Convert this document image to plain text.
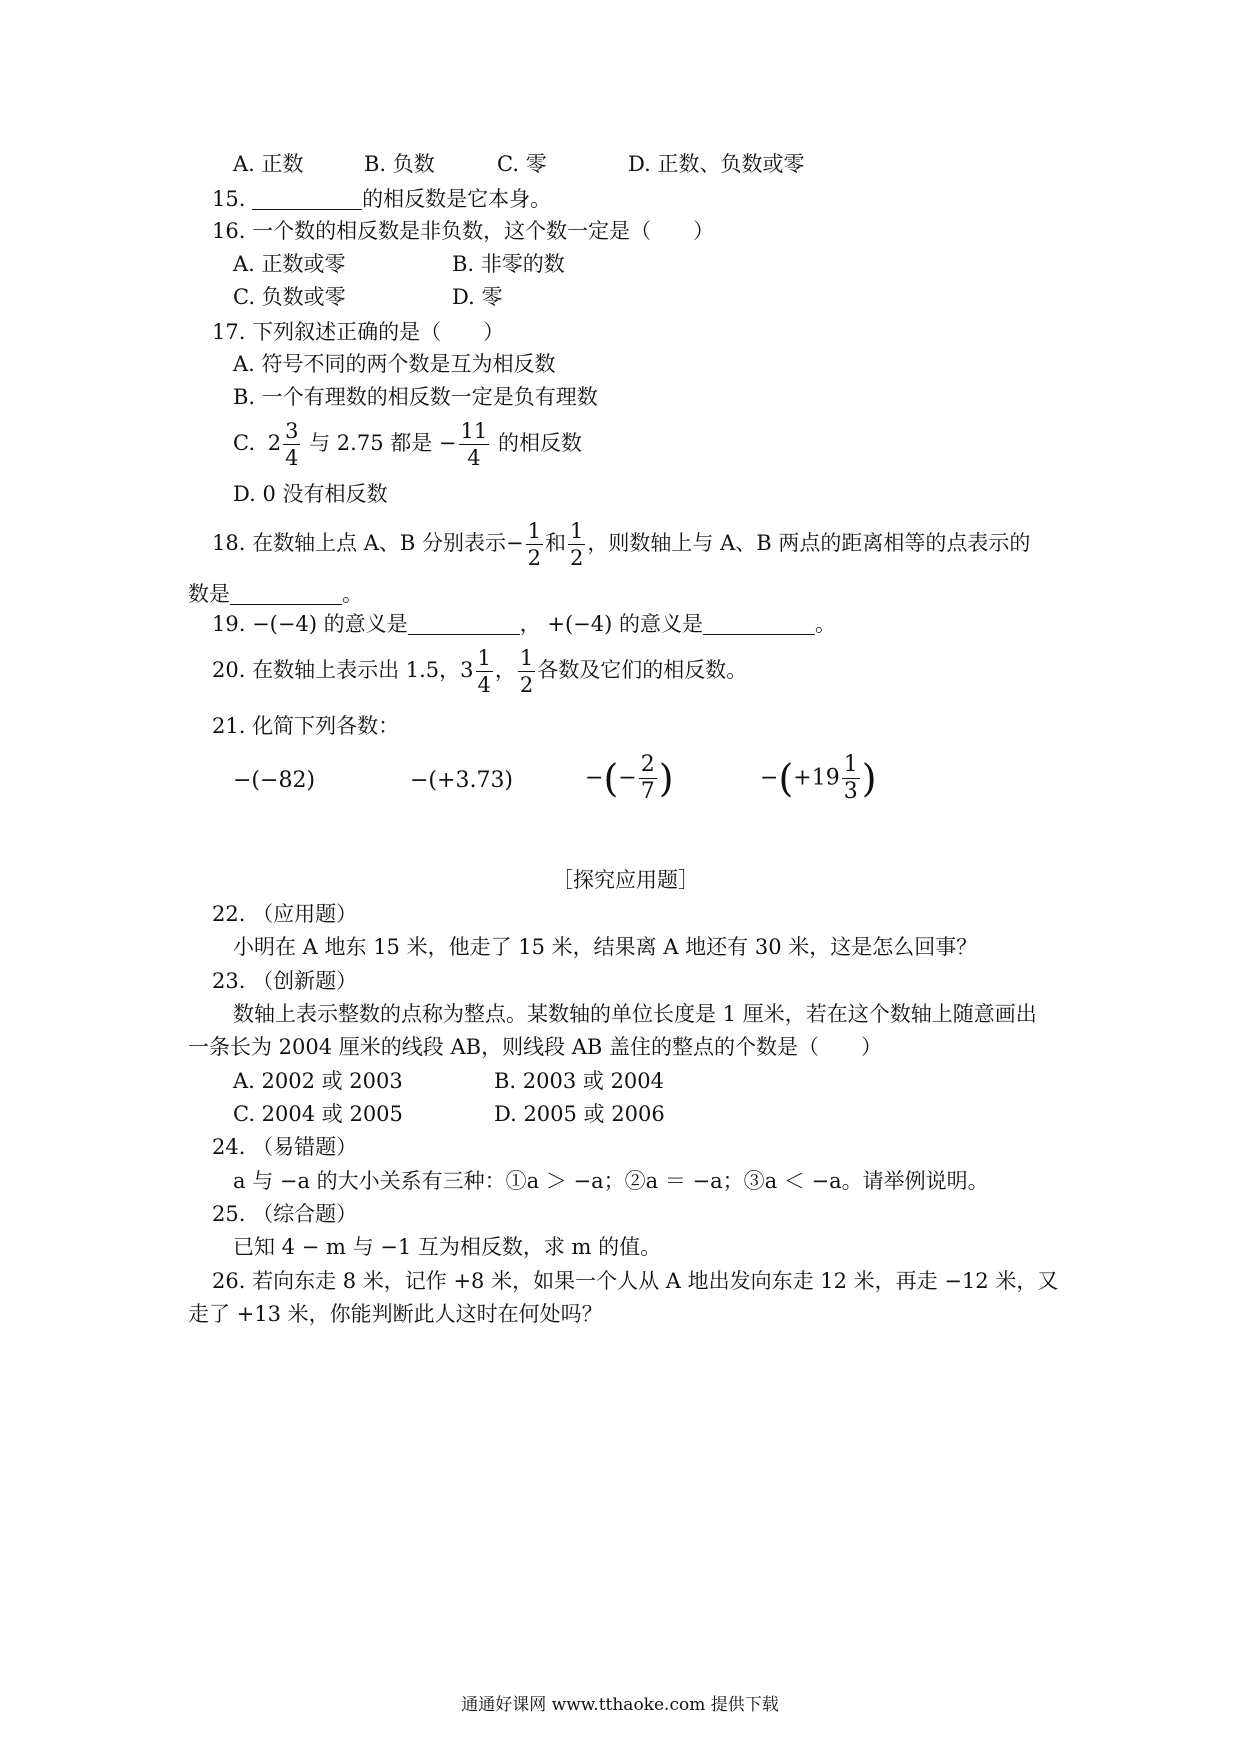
A. 正数	B. 负数	C. 零	D. 正数、负数或零
15.	的相反数是它本身。
16. 一个数的相反数是非负数，这个数一定是（　　）
A. 正数或零	B. 非零的数
C. 负数或零	D. 零
17. 下列叙述正确的是（　　）
A. 符号不同的两个数是互为相反数
B. 一个有理数的相反数一定是负有理数
C. $2 \frac{3}{4}$ 与 2.75 都是 − $\frac{11}{4}$ 的相反数
D. 0 没有相反数
18. 在数轴上点 A、B 分别表示− $\frac{1}{2}$ 和 $\frac{1}{2}$ ，则数轴上与 A、B 两点的距离相等的点表示的
数是	。
19. −(−4) 的意义是	， +(−4) 的意义是	。
20. 在数轴上表示出 1.5，$3 \frac{1}{4}$ ， $\frac{1}{2}$ 各数及它们的相反数。
21. 化简下列各数：
−(−82)	−(+3.73)	−(− $\frac{2}{7}$ )	$-(+19 \frac{1}{3}$ )
［探究应用题］
22. （应用题）
小明在 A 地东 15 米，他走了 15 米，结果离 A 地还有 30 米，这是怎么回事？
23. （创新题）
数轴上表示整数的点称为整点。某数轴的单位长度是 1 厘米，若在这个数轴上随意画出
一条长为 2004 厘米的线段 AB，则线段 AB 盖住的整点的个数是（　　）
A. 2002 或 2003	B. 2003 或 2004
C. 2004 或 2005	D. 2005 或 2006
24. （易错题）
a 与 −a 的大小关系有三种：①a ＞ −a；②a ＝ −a；③a ＜ −a。请举例说明。
25. （综合题）
已知 4 − m 与 −1 互为相反数，求 m 的值。
26. 若向东走 8 米，记作 +8 米，如果一个人从 A 地出发向东走 12 米，再走 −12 米，又
走了 +13 米，你能判断此人这时在何处吗？
通通好课网 www.tthaoke.com 提供下载
